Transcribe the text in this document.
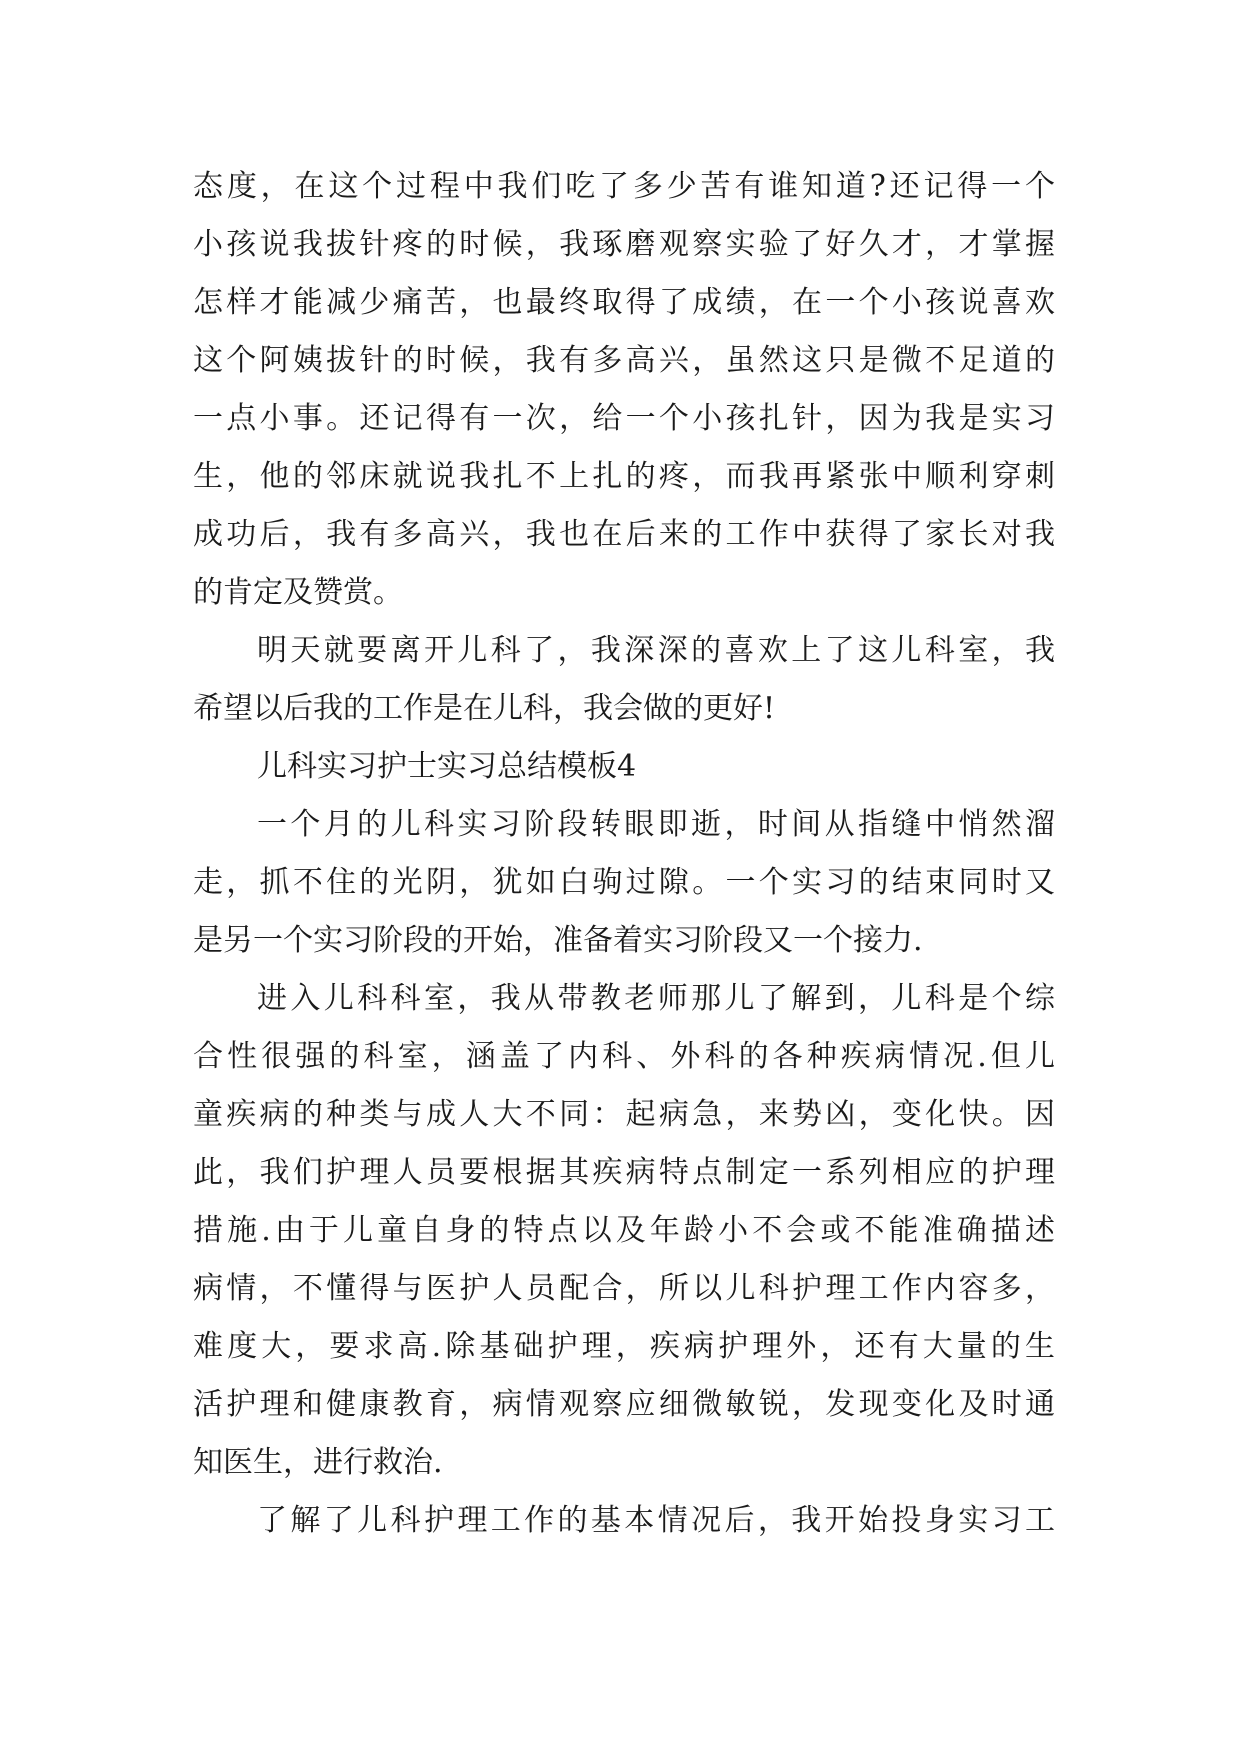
态度，在这个过程中我们吃了多少苦有谁知道?还记得一个
小孩说我拔针疼的时候，我琢磨观察实验了好久才，才掌握
怎样才能减少痛苦，也最终取得了成绩，在一个小孩说喜欢
这个阿姨拔针的时候，我有多高兴，虽然这只是微不足道的
一点小事。还记得有一次，给一个小孩扎针，因为我是实习
生，他的邻床就说我扎不上扎的疼，而我再紧张中顺利穿刺
成功后，我有多高兴，我也在后来的工作中获得了家长对我
的肯定及赞赏。
明天就要离开儿科了，我深深的喜欢上了这儿科室，我
希望以后我的工作是在儿科，我会做的更好!
儿科实习护士实习总结模板4
一个月的儿科实习阶段转眼即逝，时间从指缝中悄然溜
走，抓不住的光阴，犹如白驹过隙。一个实习的结束同时又
是另一个实习阶段的开始，准备着实习阶段又一个接力.
进入儿科科室，我从带教老师那儿了解到，儿科是个综
合性很强的科室，涵盖了内科、外科的各种疾病情况.但儿
童疾病的种类与成人大不同：起病急，来势凶，变化快。因
此，我们护理人员要根据其疾病特点制定一系列相应的护理
措施.由于儿童自身的特点以及年龄小不会或不能准确描述
病情，不懂得与医护人员配合，所以儿科护理工作内容多，
难度大，要求高.除基础护理，疾病护理外，还有大量的生
活护理和健康教育，病情观察应细微敏锐，发现变化及时通
知医生，进行救治.
了解了儿科护理工作的基本情况后，我开始投身实习工
